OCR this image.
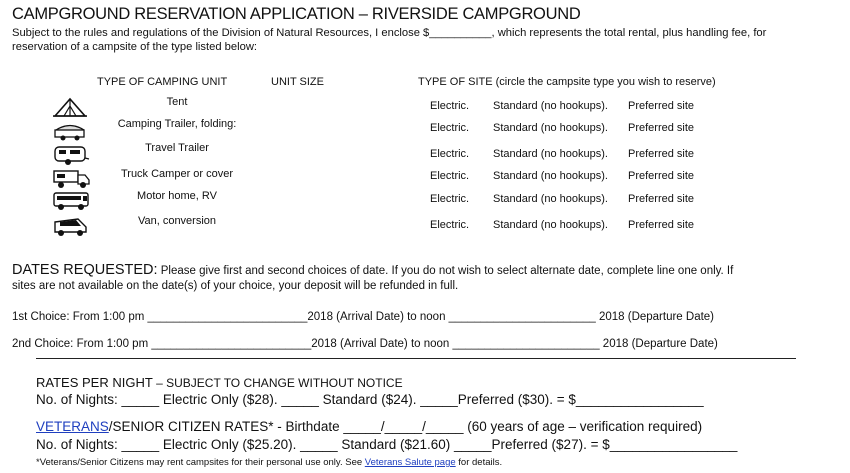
CAMPGROUND RESERVATION APPLICATION – RIVERSIDE CAMPGROUND
Subject to the rules and regulations of the Division of Natural Resources, I enclose $__________, which represents the total rental, plus handling fee, for
reservation of a campsite of the type listed below:
TYPE OF CAMPING UNIT	UNIT SIZE	TYPE OF SITE (circle the campsite type you wish to reserve)
Tent
Camping Trailer, folding:
Travel Trailer
Truck Camper or cover
Motor home, RV
Van, conversion
Electric. Standard (no hookups). Preferred site
Electric. Standard (no hookups). Preferred site
Electric. Standard (no hookups). Preferred site
Electric. Standard (no hookups). Preferred site
Electric. Standard (no hookups). Preferred site
Electric. Standard (no hookups). Preferred site
DATES REQUESTED: Please give first and second choices of date. If you do not wish to select alternate date, complete line one only. If
sites are not available on the date(s) of your choice, your deposit will be refunded in full.
1st Choice: From 1:00 pm _________________________2018 (Arrival Date) to noon _______________________ 2018 (Departure Date)
2nd Choice: From 1:00 pm _________________________2018 (Arrival Date) to noon _______________________ 2018 (Departure Date)
RATES PER NIGHT – SUBJECT TO CHANGE WITHOUT NOTICE
No. of Nights: _____ Electric Only ($28). _____ Standard ($24). _____Preferred ($30). = $_________________
VETERANS/SENIOR CITIZEN RATES* - Birthdate _____/_____/_____ (60 years of age – verification required)
No. of Nights: _____ Electric Only ($25.20). _____ Standard ($21.60) _____Preferred ($27). = $_________________
*Veterans/Senior Citizens may rent campsites for their personal use only. See Veterans Salute page for details.
